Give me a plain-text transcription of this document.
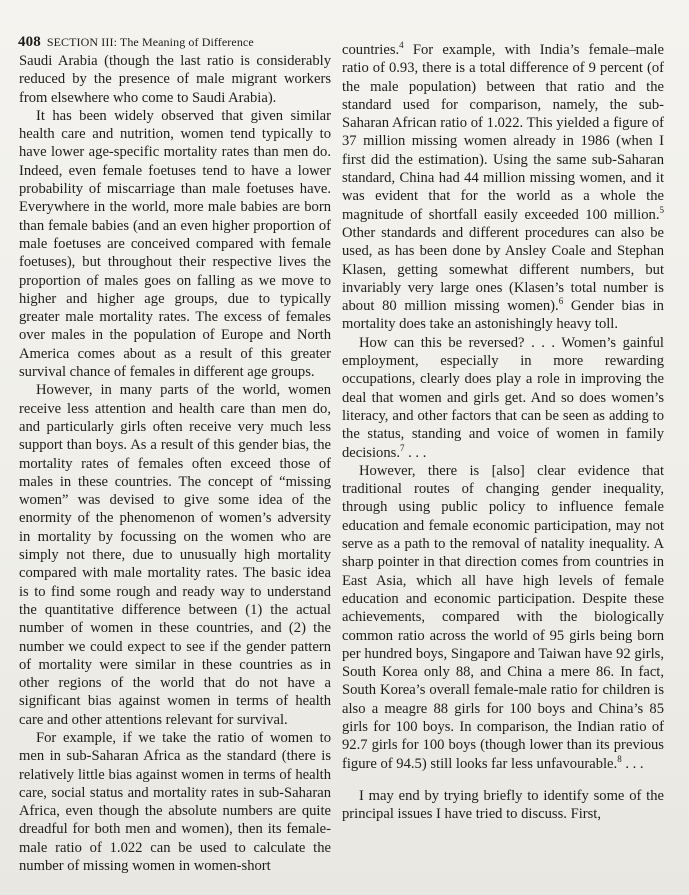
408 SECTION III: The Meaning of Difference

Saudi Arabia (though the last ratio is considerably reduced by the presence of male migrant workers from elsewhere who come to Saudi Arabia).

It has been widely observed that given similar health care and nutrition, women tend typically to have lower age-specific mortality rates than men do. Indeed, even female foetuses tend to have a lower probability of miscarriage than male foetuses have. Everywhere in the world, more male babies are born than female babies (and an even higher proportion of male foetuses are conceived compared with female foetuses), but throughout their respective lives the proportion of males goes on falling as we move to higher and higher age groups, due to typically greater male mortality rates. The excess of females over males in the population of Europe and North America comes about as a result of this greater survival chance of females in different age groups.

However, in many parts of the world, women receive less attention and health care than men do, and particularly girls often receive very much less support than boys. As a result of this gender bias, the mortality rates of females often exceed those of males in these countries. The concept of “missing women” was devised to give some idea of the enormity of the phenomenon of women’s adversity in mortality by focussing on the women who are simply not there, due to unusually high mortality compared with male mortality rates. The basic idea is to find some rough and ready way to understand the quantitative difference between (1) the actual number of women in these countries, and (2) the number we could expect to see if the gender pattern of mortality were similar in these countries as in other regions of the world that do not have a significant bias against women in terms of health care and other attentions relevant for survival.

For example, if we take the ratio of women to men in sub-Saharan Africa as the standard (there is relatively little bias against women in terms of health care, social status and mortality rates in sub-Saharan Africa, even though the absolute numbers are quite dreadful for both men and women), then its female-male ratio of 1.022 can be used to calculate the number of missing women in women-short

countries.$^4$ For example, with India’s female–male ratio of 0.93, there is a total difference of 9 percent (of the male population) between that ratio and the standard used for comparison, namely, the sub-Saharan African ratio of 1.022. This yielded a figure of 37 million missing women already in 1986 (when I first did the estimation). Using the same sub-Saharan standard, China had 44 million missing women, and it was evident that for the world as a whole the magnitude of shortfall easily exceeded 100 million.$^5$ Other standards and different procedures can also be used, as has been done by Ansley Coale and Stephan Klasen, getting somewhat different numbers, but invariably very large ones (Klasen’s total number is about 80 million missing women).$^6$ Gender bias in mortality does take an astonishingly heavy toll.

How can this be reversed? . . . Women’s gainful employment, especially in more rewarding occupations, clearly does play a role in improving the deal that women and girls get. And so does women’s literacy, and other factors that can be seen as adding to the status, standing and voice of women in family decisions.$^7$ . . .

However, there is [also] clear evidence that traditional routes of changing gender inequality, through using public policy to influence female education and female economic participation, may not serve as a path to the removal of natality inequality. A sharp pointer in that direction comes from countries in East Asia, which all have high levels of female education and economic participation. Despite these achievements, compared with the biologically common ratio across the world of 95 girls being born per hundred boys, Singapore and Taiwan have 92 girls, South Korea only 88, and China a mere 86. In fact, South Korea’s overall female-male ratio for children is also a meagre 88 girls for 100 boys and China’s 85 girls for 100 boys. In comparison, the Indian ratio of 92.7 girls for 100 boys (though lower than its previous figure of 94.5) still looks far less unfavourable.$^8$ . . .

I may end by trying briefly to identify some of the principal issues I have tried to discuss. First,
